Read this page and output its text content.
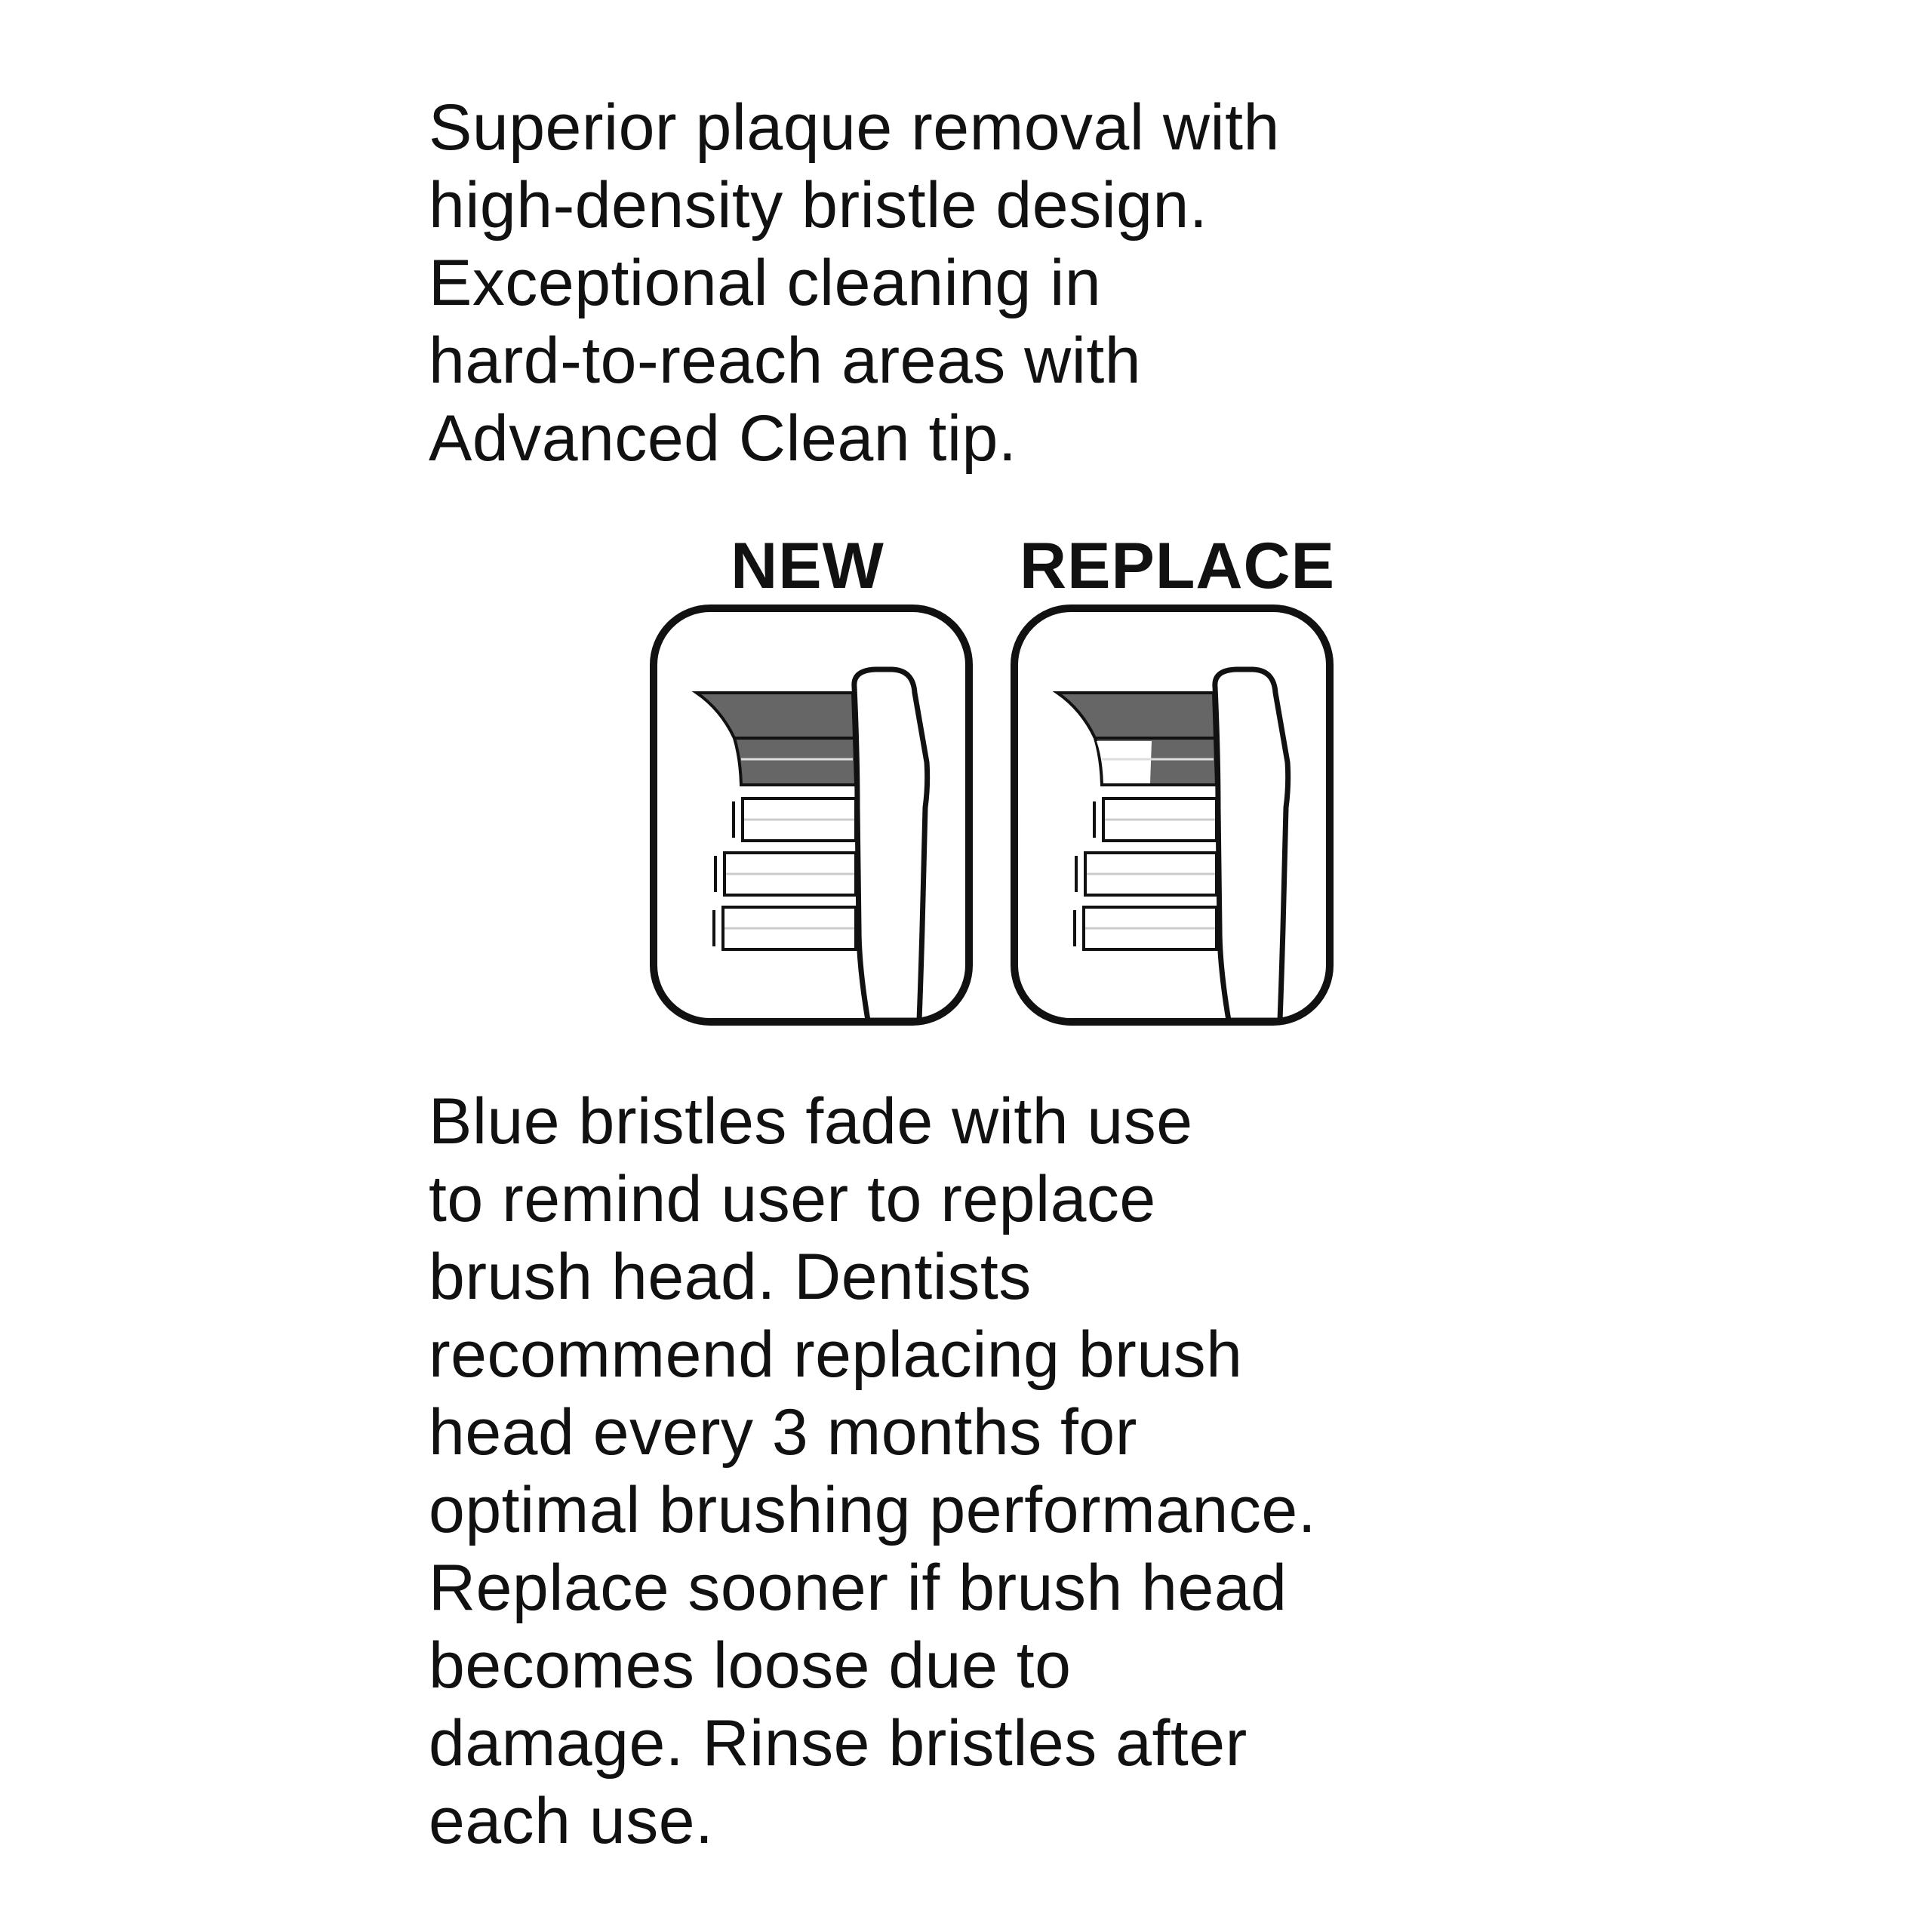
Superior plaque removal with
high-density bristle design.
Exceptional cleaning in
hard-to-reach areas with
Advanced Clean tip.
NEW	REPLACE
Blue bristles fade with use
to remind user to replace
brush head. Dentists
recommend replacing brush
head every 3 months for
optimal brushing performance.
Replace sooner if brush head
becomes loose due to
damage. Rinse bristles after
each use.
